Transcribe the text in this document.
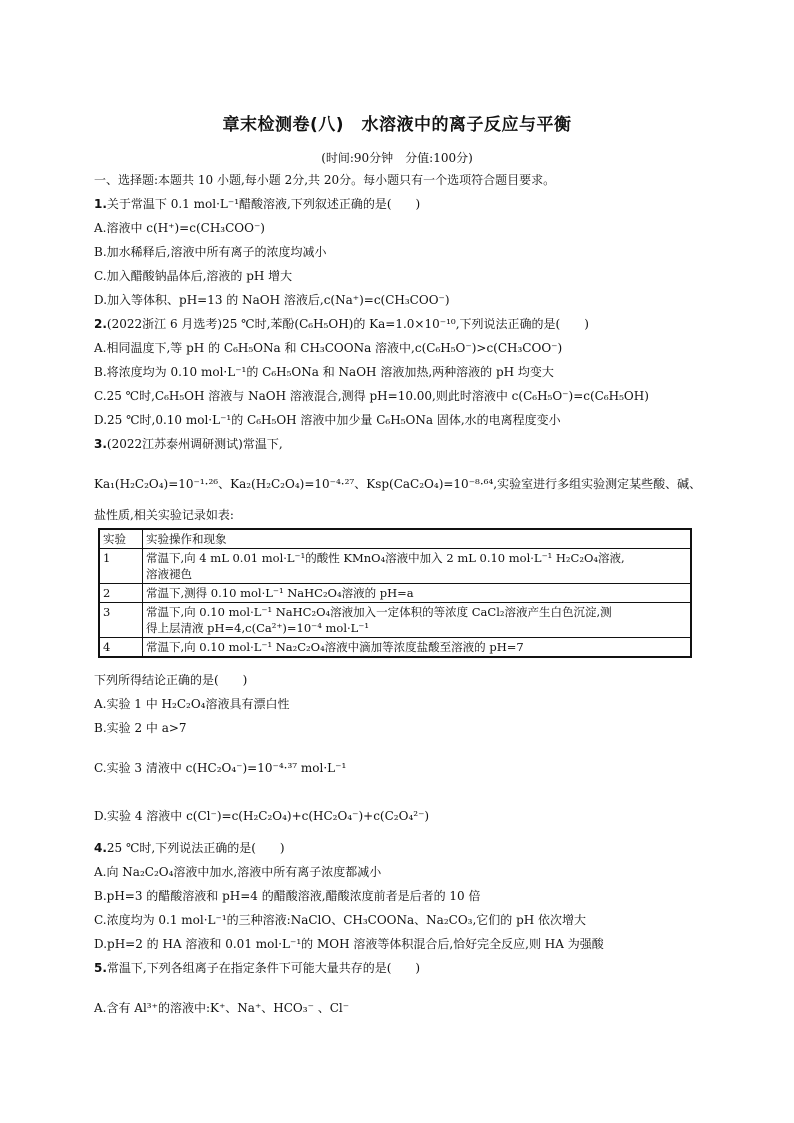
章末检测卷(八)　水溶液中的离子反应与平衡
(时间:90分钟　分值:100分)
一、选择题:本题共 10 小题,每小题 2分,共 20分。每小题只有一个选项符合题目要求。
1.关于常温下 0.1 mol·L⁻¹醋酸溶液,下列叙述正确的是(　　)
A.溶液中 c(H⁺)=c(CH₃COO⁻)
B.加水稀释后,溶液中所有离子的浓度均减小
C.加入醋酸钠晶体后,溶液的 pH 增大
D.加入等体积、pH=13 的 NaOH 溶液后,c(Na⁺)=c(CH₃COO⁻)
2.(2022浙江 6 月选考)25 ℃时,苯酚(C₆H₅OH)的 Ka=1.0×10⁻¹⁰,下列说法正确的是(　　)
A.相同温度下,等 pH 的 C₆H₅ONa 和 CH₃COONa 溶液中,c(C₆H₅O⁻)>c(CH₃COO⁻)
B.将浓度均为 0.10 mol·L⁻¹的 C₆H₅ONa 和 NaOH 溶液加热,两种溶液的 pH 均变大
C.25 ℃时,C₆H₅OH 溶液与 NaOH 溶液混合,测得 pH=10.00,则此时溶液中 c(C₆H₅O⁻)=c(C₆H₅OH)
D.25 ℃时,0.10 mol·L⁻¹的 C₆H₅OH 溶液中加少量 C₆H₅ONa 固体,水的电离程度变小
3.(2022江苏泰州调研测试)常温下,
Ka₁(H₂C₂O₄)=10⁻¹·²⁶、Ka₂(H₂C₂O₄)=10⁻⁴·²⁷、Ksp(CaC₂O₄)=10⁻⁸·⁶⁴,实验室进行多组实验测定某些酸、碱、
盐性质,相关实验记录如表:
实验	实验操作和现象
1	常温下,向 4 mL 0.01 mol·L⁻¹的酸性 KMnO₄溶液中加入 2 mL 0.10 mol·L⁻¹ H₂C₂O₄溶液,
溶液褪色

2	常温下,测得 0.10 mol·L⁻¹ NaHC₂O₄溶液的 pH=a

3	常温下,向 0.10 mol·L⁻¹ NaHC₂O₄溶液加入一定体积的等浓度 CaCl₂溶液产生白色沉淀,测
得上层清液 pH=4,c(Ca²⁺)=10⁻⁴ mol·L⁻¹

4	常温下,向 0.10 mol·L⁻¹ Na₂C₂O₄溶液中滴加等浓度盐酸至溶液的 pH=7
下列所得结论正确的是(　　)
A.实验 1 中 H₂C₂O₄溶液具有漂白性
B.实验 2 中 a>7
C.实验 3 清液中 c(HC₂O₄⁻)=10⁻⁴·³⁷ mol·L⁻¹
D.实验 4 溶液中 c(Cl⁻)=c(H₂C₂O₄)+c(HC₂O₄⁻)+c(C₂O₄²⁻)
4.25 ℃时,下列说法正确的是(　　)
A.向 Na₂C₂O₄溶液中加水,溶液中所有离子浓度都减小
B.pH=3 的醋酸溶液和 pH=4 的醋酸溶液,醋酸浓度前者是后者的 10 倍
C.浓度均为 0.1 mol·L⁻¹的三种溶液:NaClO、CH₃COONa、Na₂CO₃,它们的 pH 依次增大
D.pH=2 的 HA 溶液和 0.01 mol·L⁻¹的 MOH 溶液等体积混合后,恰好完全反应,则 HA 为强酸
5.常温下,下列各组离子在指定条件下可能大量共存的是(　　)
A.含有 Al³⁺的溶液中:K⁺、Na⁺、HCO₃⁻ 、Cl⁻
